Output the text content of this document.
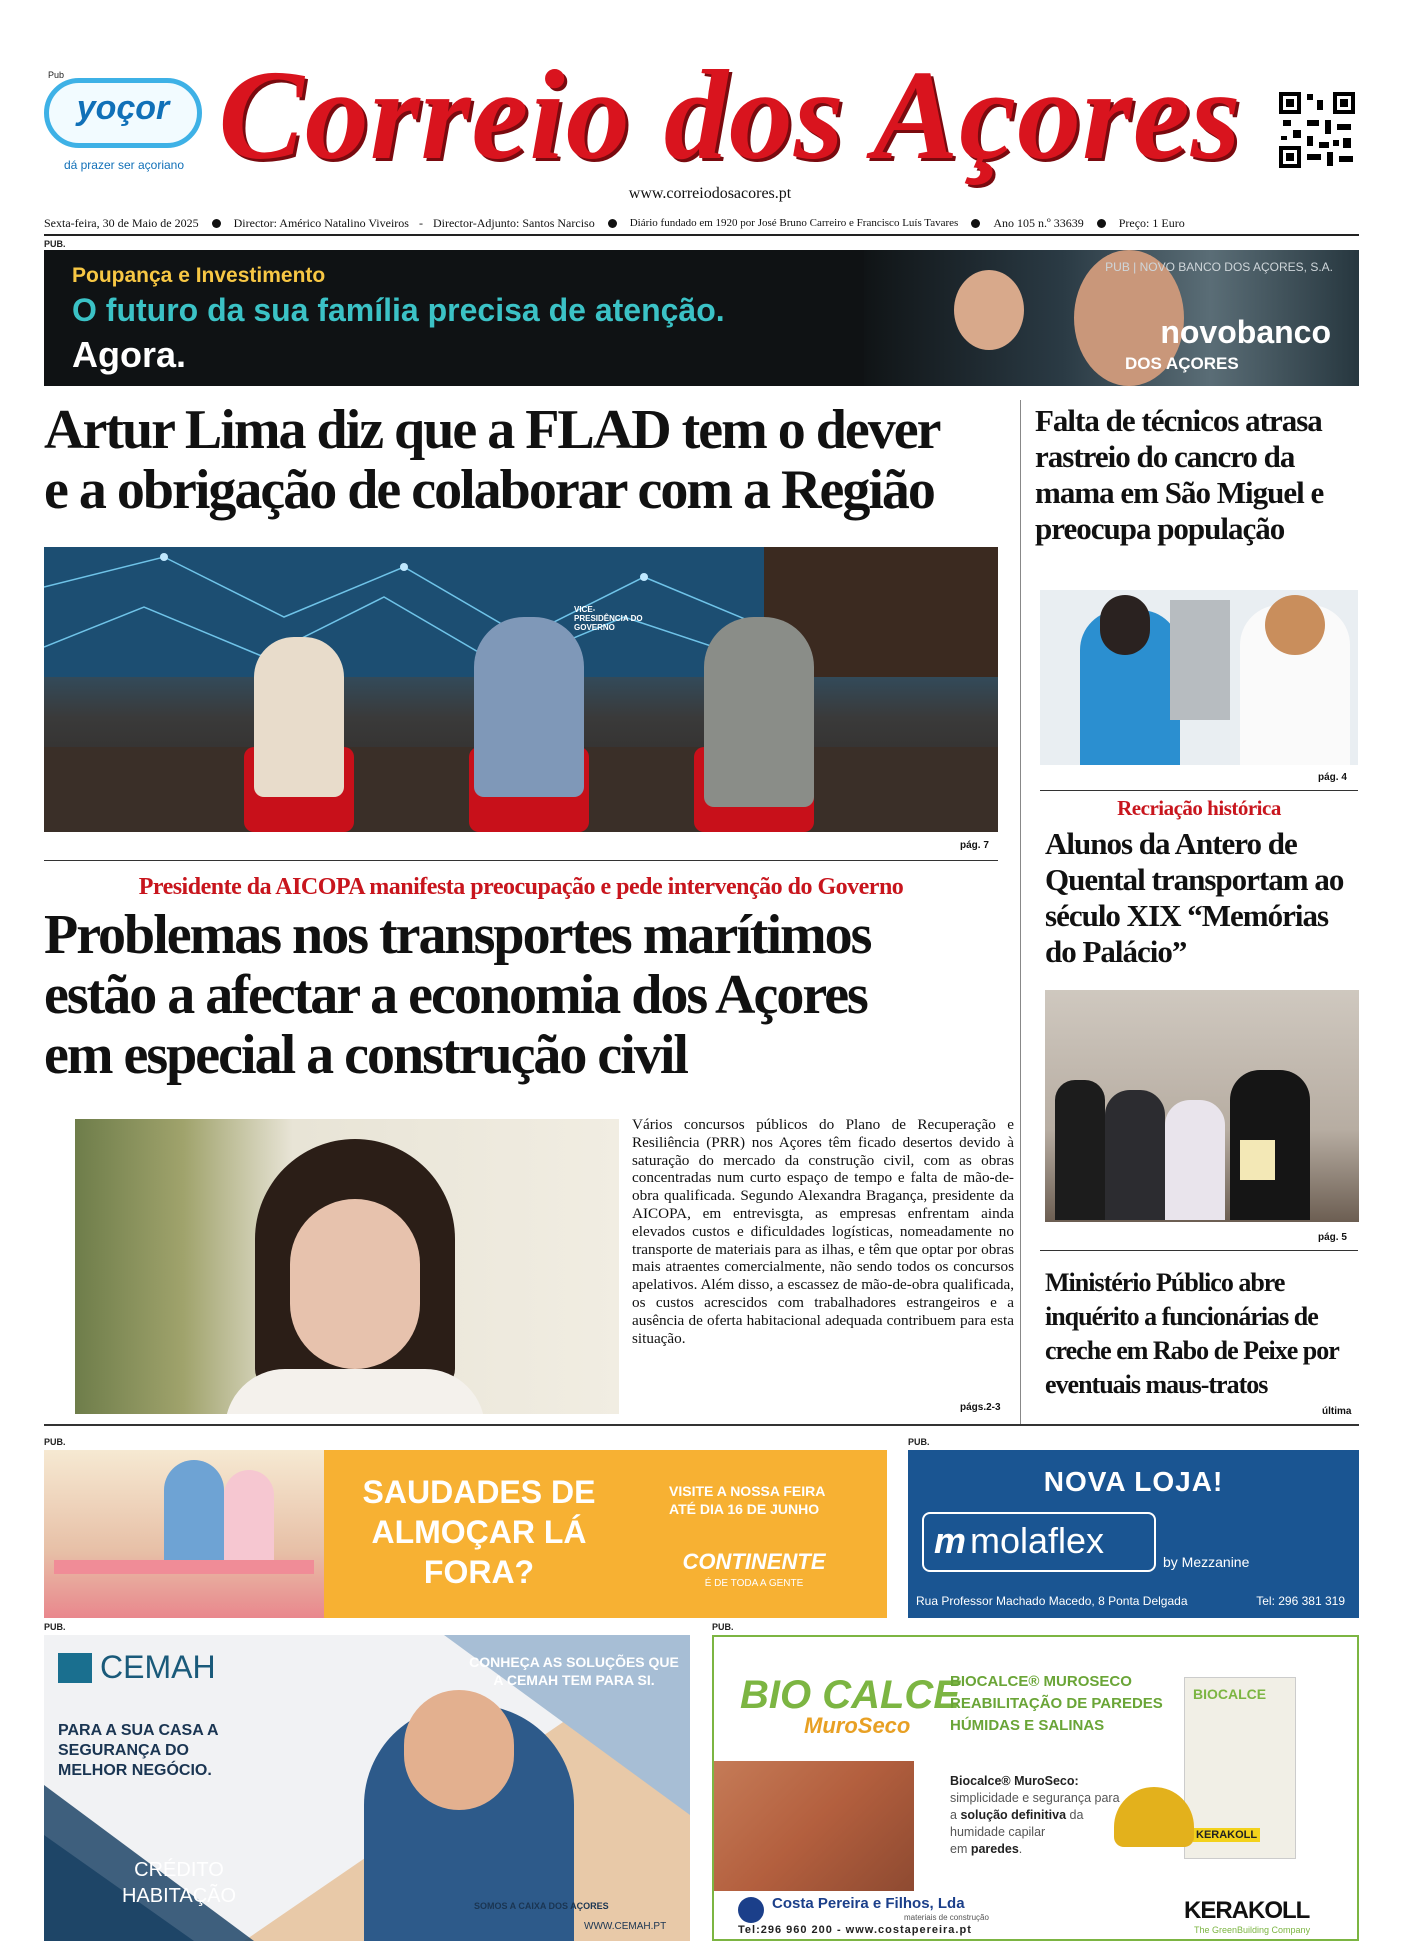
Pub
yoçor
dá prazer ser açoriano Correio dos Açores
www.correiodosacores.pt
Sexta-feira, 30 de Maio de 2025	Director: Américo Natalino Viveiros - Director-Adjunto: Santos Narciso	Diário fundado em 1920 por José Bruno Carreiro e Francisco Luís Tavares	Ano 105 n.º 33639	Preço: 1 Euro
PUB.
Poupança e Investimento
O futuro da sua família precisa de atenção.
Agora.
PUB | NOVO BANCO DOS AÇORES, S.A.
novobanco
DOS AÇORES
Artur Lima diz que a FLAD tem o dever
e a obrigação de colaborar com a Região
VICE-PRESIDÊNCIA DO GOVERNO
pág. 7
Presidente da AICOPA manifesta preocupação e pede intervenção do Governo
Problemas nos transportes marítimos
estão a afectar a economia dos Açores
em especial a construção civil
Vários concursos públicos do Plano de Recuperação e Resiliência (PRR) nos Açores têm ficado desertos devido à saturação do mercado da construção civil, com as obras concentradas num curto espaço de tempo e falta de mão-de-obra qualificada. Segundo Alexandra Bragança, presidente da AICOPA, em entrevisgta, as empresas enfrentam ainda elevados custos e dificuldades logísticas, nomeadamente no transporte de materiais para as ilhas, e têm que optar por obras mais atraentes comercialmente, não sendo todos os concursos apelativos. Além disso, a escassez de mão-de-obra qualificada, os custos acrescidos com trabalhadores estrangeiros e a ausência de oferta habitacional adequada contribuem para esta situação.
págs.2-3
Falta de técnicos atrasa rastreio do cancro da mama em São Miguel e preocupa população
pág. 4
Recriação histórica
Alunos da Antero de Quental transportam ao século XIX “Memórias do Palácio”
pág. 5
Ministério Público abre inquérito a funcionárias de creche em Rabo de Peixe por eventuais maus-tratos
última
PUB.
SAUDADES DE ALMOÇAR LÁ FORA?
VISITE A NOSSA FEIRA ATÉ DIA 16 DE JUNHO
CONTINENTE
É DE TODA A GENTE
PUB.
NOVA LOJA!
m molaflex
by Mezzanine
Rua Professor Machado Macedo, 8 Ponta Delgada	Tel: 296 381 319
PUB.
CEMAH	CONHEÇA AS SOLUÇÕES QUE A CEMAH TEM PARA SI.
PARA A SUA CASA A SEGURANÇA DO MELHOR NEGÓCIO.
CRÉDITO HABITAÇÃO	SOMOS A CAIXA DOS AÇORES
WWW.CEMAH.PT
PUB.
BIO CALCE
MuroSeco
BIOCALCE® MUROSECO
REABILITAÇÃO DE PAREDES
HÚMIDAS E SALINAS
Biocalce® MuroSeco:
simplicidade e segurança para
a solução definitiva da
humidade capilar
em paredes.
BIOCALCE
KERAKOLL
Costa Pereira e Filhos, Lda
materiais de construção
Tel:296 960 200 - www.costapereira.pt
KERAKOLL
The GreenBuilding Company
